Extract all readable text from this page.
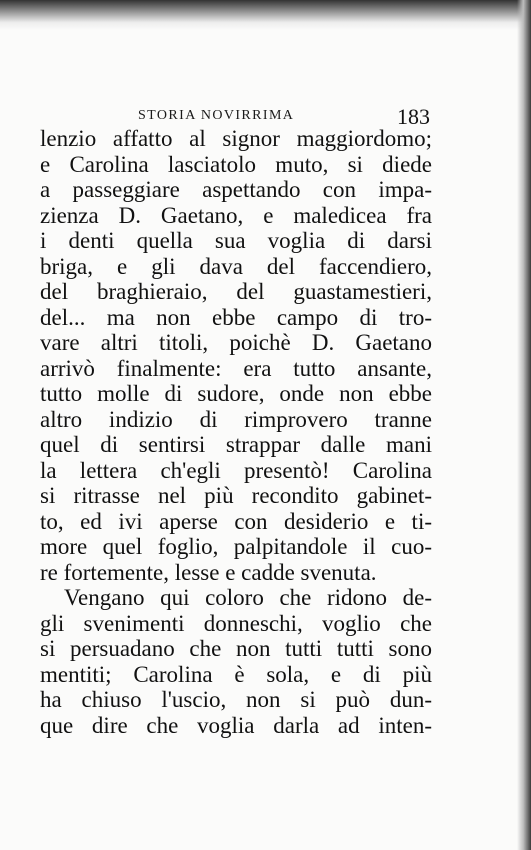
STORIA NOVIRRIMA	183
lenzio affatto al signor maggiordomo;
e Carolina lasciatolo muto, si diede
a passeggiare aspettando con impa-
zienza D. Gaetano, e maledicea fra
i denti quella sua voglia di darsi
briga, e gli dava del faccendiero,
del braghieraio, del guastamestieri,
del... ma non ebbe campo di tro-
vare altri titoli, poichè D. Gaetano
arrivò finalmente: era tutto ansante,
tutto molle di sudore, onde non ebbe
altro indizio di rimprovero tranne
quel di sentirsi strappar dalle mani
la lettera ch'egli presentò! Carolina
si ritrasse nel più recondito gabinet-
to, ed ivi aperse con desiderio e ti-
more quel foglio, palpitandole il cuo-
re fortemente, lesse e cadde svenuta.
Vengano qui coloro che ridono de-
gli svenimenti donneschi, voglio che
si persuadano che non tutti tutti sono
mentiti; Carolina è sola, e di più
ha chiuso l'uscio, non si può dun-
que dire che voglia darla ad inten-
